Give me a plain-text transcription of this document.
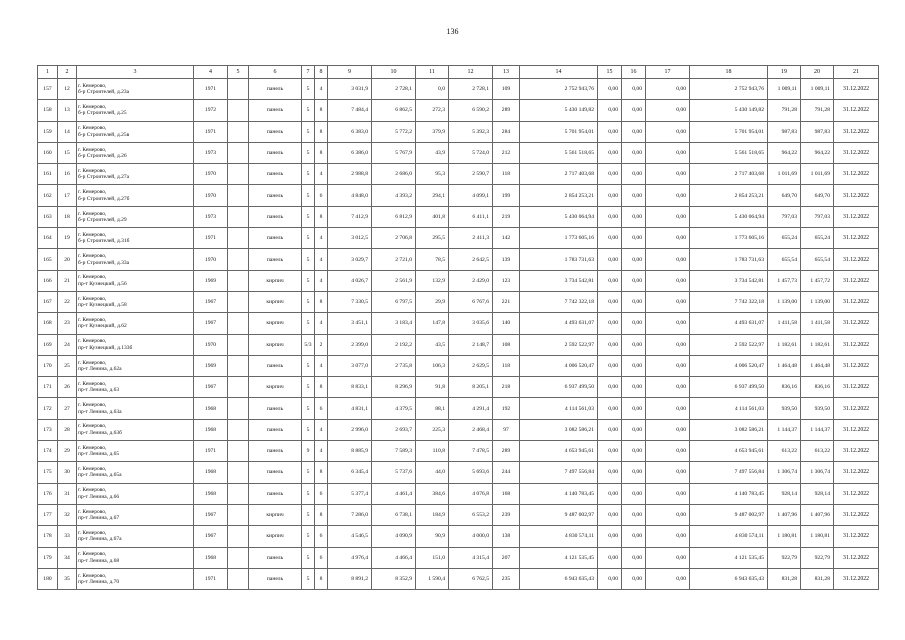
136
1	2	3	4	5	6	7	8	9	10	11	12	13	14	15	16	17	18	19	20	21
157	12	г. Кемерово,
б-р Строителей, д.23а	1971		панель	5	4	3 031,9	2 728,1	0,0	2 728,1	109	2 752 943,76	0,00	0,00	0,00	2 752 943,76	1 009,11	1 009,11	31.12.2022
158	13	г. Кемерово,
б-р Строителей, д.25	1972		панель	5	8	7 484,4	6 862,5	272,3	6 590,2	289	5 430 149,82	0,00	0,00	0,00	5 430 149,82	791,28	791,28	31.12.2022
159	14	г. Кемерово,
б-р Строителей, д.25в	1971		панель	5	8	6 383,0	5 772,2	379,9	5 392,3	284	5 701 954,01	0,00	0,00	0,00	5 701 954,01	987,83	987,83	31.12.2022
160	15	г. Кемерово,
б-р Строителей, д.26	1973		панель	5	8	6 386,0	5 767,9	43,9	5 724,0	212	5 561 518,65	0,00	0,00	0,00	5 561 518,65	964,22	964,22	31.12.2022
161	16	г. Кемерово,
б-р Строителей, д.27а	1970		панель	5	4	2 988,8	2 686,0	95,3	2 590,7	118	2 717 403,68	0,00	0,00	0,00	2 717 403,68	1 011,69	1 011,69	31.12.2022
162	17	г. Кемерово,
б-р Строителей, д.27б	1970		панель	5	6	4 848,0	4 393,2	294,1	4 099,1	199	2 854 253,21	0,00	0,00	0,00	2 854 253,21	649,70	649,70	31.12.2022
163	18	г. Кемерово,
б-р Строителей, д.29	1973		панель	5	8	7 412,9	6 812,9	401,8	6 411,1	219	5 430 064,94	0,00	0,00	0,00	5 430 064,94	797,03	797,03	31.12.2022
164	19	г. Кемерово,
б-р Строителей, д.31б	1971		панель	5	4	3 012,5	2 706,8	295,5	2 411,3	142	1 773 605,16	0,00	0,00	0,00	1 773 605,16	655,24	655,24	31.12.2022
165	20	г. Кемерово,
б-р Строителей, д.33а	1970		панель	5	4	3 029,7	2 721,0	78,5	2 642,5	139	1 783 731,63	0,00	0,00	0,00	1 783 731,63	655,54	655,54	31.12.2022
166	21	г. Кемерово,
пр-т Кузнецкий, д.56	1969		кирпич	5	4	4 026,7	2 561,9	132,9	2 429,0	123	3 734 542,81	0,00	0,00	0,00	3 734 542,81	1 457,73	1 457,72	31.12.2022
167	22	г. Кемерово,
пр-т Кузнецкий, д.58	1967		кирпич	5	8	7 330,5	6 797,5	29,9	6 767,6	221	7 742 322,18	0,00	0,00	0,00	7 742 322,18	1 139,00	1 139,00	31.12.2022
168	23	г. Кемерово,
пр-т Кузнецкий, д.62	1967		кирпич	5	4	3 451,1	3 183,4	147,8	3 035,6	140	4 493 631,07	0,00	0,00	0,00	4 493 631,07	1 411,58	1 411,58	31.12.2022
169	24	г. Кемерово,
пр-т Кузнецкий, д.133б	1970		кирпич	5/3	2	2 399,0	2 192,2	43,5	2 148,7	108	2 592 522,97	0,00	0,00	0,00	2 592 522,97	1 182,61	1 182,61	31.12.2022
170	25	г. Кемерово,
пр-т Ленина, д.62а	1969		панель	5	4	3 077,0	2 735,8	106,3	2 629,5	118	4 006 520,47	0,00	0,00	0,00	4 006 520,47	1 464,48	1 464,48	31.12.2022
171	26	г. Кемерово,
пр-т Ленина, д.63	1967		кирпич	5	8	8 833,1	8 296,9	91,8	8 205,1	218	6 937 499,50	0,00	0,00	0,00	6 937 499,50	836,16	836,16	31.12.2022
172	27	г. Кемерово,
пр-т Ленина, д.63а	1968		панель	5	6	4 831,1	4 379,5	88,1	4 291,4	192	4 114 561,03	0,00	0,00	0,00	4 114 561,03	939,50	939,50	31.12.2022
173	28	г. Кемерово,
пр-т Ленина, д.63б	1968		панель	5	4	2 996,0	2 693,7	225,3	2 468,4	97	3 082 586,21	0,00	0,00	0,00	3 082 586,21	1 144,37	1 144,37	31.12.2022
174	29	г. Кемерово,
пр-т Ленина, д.65	1971		панель	9	4	8 885,9	7 589,3	110,8	7 478,5	289	4 653 945,61	0,00	0,00	0,00	4 653 945,61	613,22	613,22	31.12.2022
175	30	г. Кемерово,
пр-т Ленина, д.65а	1968		панель	5	8	6 345,4	5 737,6	44,0	5 693,6	244	7 497 556,84	0,00	0,00	0,00	7 497 556,84	1 306,74	1 306,74	31.12.2022
176	31	г. Кемерово,
пр-т Ленина, д.66	1968		панель	5	6	5 377,4	4 461,4	384,6	4 076,8	168	4 140 783,45	0,00	0,00	0,00	4 140 783,45	928,14	928,14	31.12.2022
177	32	г. Кемерово,
пр-т Ленина, д.67	1967		кирпич	5	8	7 286,0	6 738,1	184,9	6 553,2	239	9 487 002,97	0,00	0,00	0,00	9 487 002,97	1 407,96	1 407,96	31.12.2022
178	33	г. Кемерово,
пр-т Ленина, д.67а	1967		кирпич	5	6	4 546,5	4 090,9	90,9	4 000,0	138	4 830 574,11	0,00	0,00	0,00	4 830 574,11	1 180,81	1 180,81	31.12.2022
179	34	г. Кемерово,
пр-т Ленина, д.68	1968		панель	5	6	4 976,4	4 466,4	151,0	4 315,4	207	4 121 535,45	0,00	0,00	0,00	4 121 535,45	922,79	922,79	31.12.2022
180	35	г. Кемерово,
пр-т Ленина, д.70	1971		панель	5	8	8 891,2	8 352,9	1 590,4	6 762,5	235	6 943 635,43	0,00	0,00	0,00	6 943 635,43	831,28	831,28	31.12.2022
